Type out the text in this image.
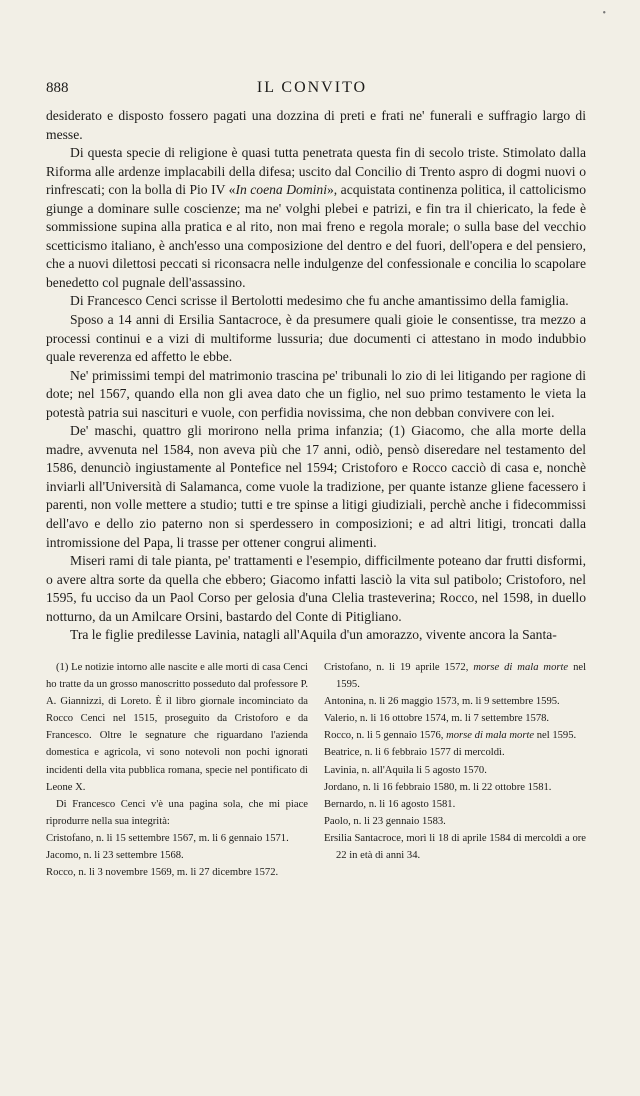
•
888	IL CONVITO

desiderato e disposto fossero pagati una dozzina di preti e frati ne' funerali e suffragio largo di messe.

Di questa specie di religione è quasi tutta penetrata questa fin di secolo triste. Stimolato dalla Riforma alle ardenze implacabili della difesa; uscito dal Concilio di Trento aspro di dogmi nuovi o rinfrescati; con la bolla di Pio IV «In coena Domini», acquistata continenza politica, il cattolicismo giunge a dominare sulle coscienze; ma ne' volghi plebei e patrizi, e fin tra il chiericato, la fede è sommissione supina alla pratica e al rito, non mai freno e regola morale; o sulla base del vecchio scetticismo italiano, è anch'esso una composizione del dentro e del fuori, dell'opera e del pensiero, che a nuovi dilettosi peccati si riconsacra nelle indulgenze del confessionale e concilia lo scapolare benedetto col pugnale dell'assassino.

Di Francesco Cenci scrisse il Bertolotti medesimo che fu anche amantissimo della famiglia.

Sposo a 14 anni di Ersilia Santacroce, è da presumere quali gioie le consentisse, tra mezzo a processi continui e a vizi di multiforme lussuria; due documenti ci attestano in modo indubbio quale reverenza ed affetto le ebbe.

Ne' primissimi tempi del matrimonio trascina pe' tribunali lo zio di lei litigando per ragione di dote; nel 1567, quando ella non gli avea dato che un figlio, nel suo primo testamento le vieta la potestà patria sui nascituri e vuole, con perfidia novissima, che non debban convivere con lei.

De' maschi, quattro gli morirono nella prima infanzia; (1) Giacomo, che alla morte della madre, avvenuta nel 1584, non aveva più che 17 anni, odiò, pensò diseredare nel testamento del 1586, denunciò ingiustamente al Pontefice nel 1594; Cristoforo e Rocco cacciò di casa e, nonchè inviarli all'Università di Salamanca, come vuole la tradizione, per quante istanze gliene facessero i parenti, non volle mettere a studio; tutti e tre spinse a litigi giudiziali, perchè anche i fidecommissi dell'avo e dello zio paterno non si sperdessero in composizioni; e ad altri litigi, troncati dalla intromissione del Papa, li trasse per ottener congrui alimenti.

Miseri rami di tale pianta, pe' trattamenti e l'esempio, difficilmente poteano dar frutti disformi, o avere altra sorte da quella che ebbero; Giacomo infatti lasciò la vita sul patibolo; Cristoforo, nel 1595, fu ucciso da un Paol Corso per gelosia d'una Clelia trasteverina; Rocco, nel 1598, in duello notturno, da un Amilcare Orsini, bastardo del Conte di Pitigliano.

Tra le figlie predilesse Lavinia, natagli all'Aquila d'un amorazzo, vivente ancora la Santa-

(1) Le notizie intorno alle nascite e alle morti di casa Cenci ho tratte da un grosso manoscritto posseduto dal professore P. A. Giannizzi, di Loreto. È il libro giornale incominciato da Rocco Cenci nel 1515, proseguito da Cristoforo e da Francesco. Oltre le segnature che riguardano l'azienda domestica e agricola, vi sono notevoli non pochi ignorati incidenti della vita pubblica romana, specie nel pontificato di Leone X.

Di Francesco Cenci v'è una pagina sola, che mi piace riprodurre nella sua integrità:

Cristofano, n. li 15 settembre 1567, m. li 6 gennaio 1571.

Jacomo, n. li 23 settembre 1568.

Rocco, n. li 3 novembre 1569, m. li 27 dicembre 1572.

Cristofano, n. li 19 aprile 1572, morse di mala morte nel 1595.

Antonina, n. li 26 maggio 1573, m. li 9 settembre 1595.

Valerio, n. li 16 ottobre 1574, m. li 7 settembre 1578.

Rocco, n. li 5 gennaio 1576, morse di mala morte nel 1595.

Beatrice, n. li 6 febbraio 1577 di mercoldì.

Lavinia, n. all'Aquila li 5 agosto 1570.

Jordano, n. li 16 febbraio 1580, m. li 22 ottobre 1581.

Bernardo, n. li 16 agosto 1581.

Paolo, n. li 23 gennaio 1583.

Ersilia Santacroce, morì li 18 di aprile 1584 di mercoldì a ore 22 in età di anni 34.
